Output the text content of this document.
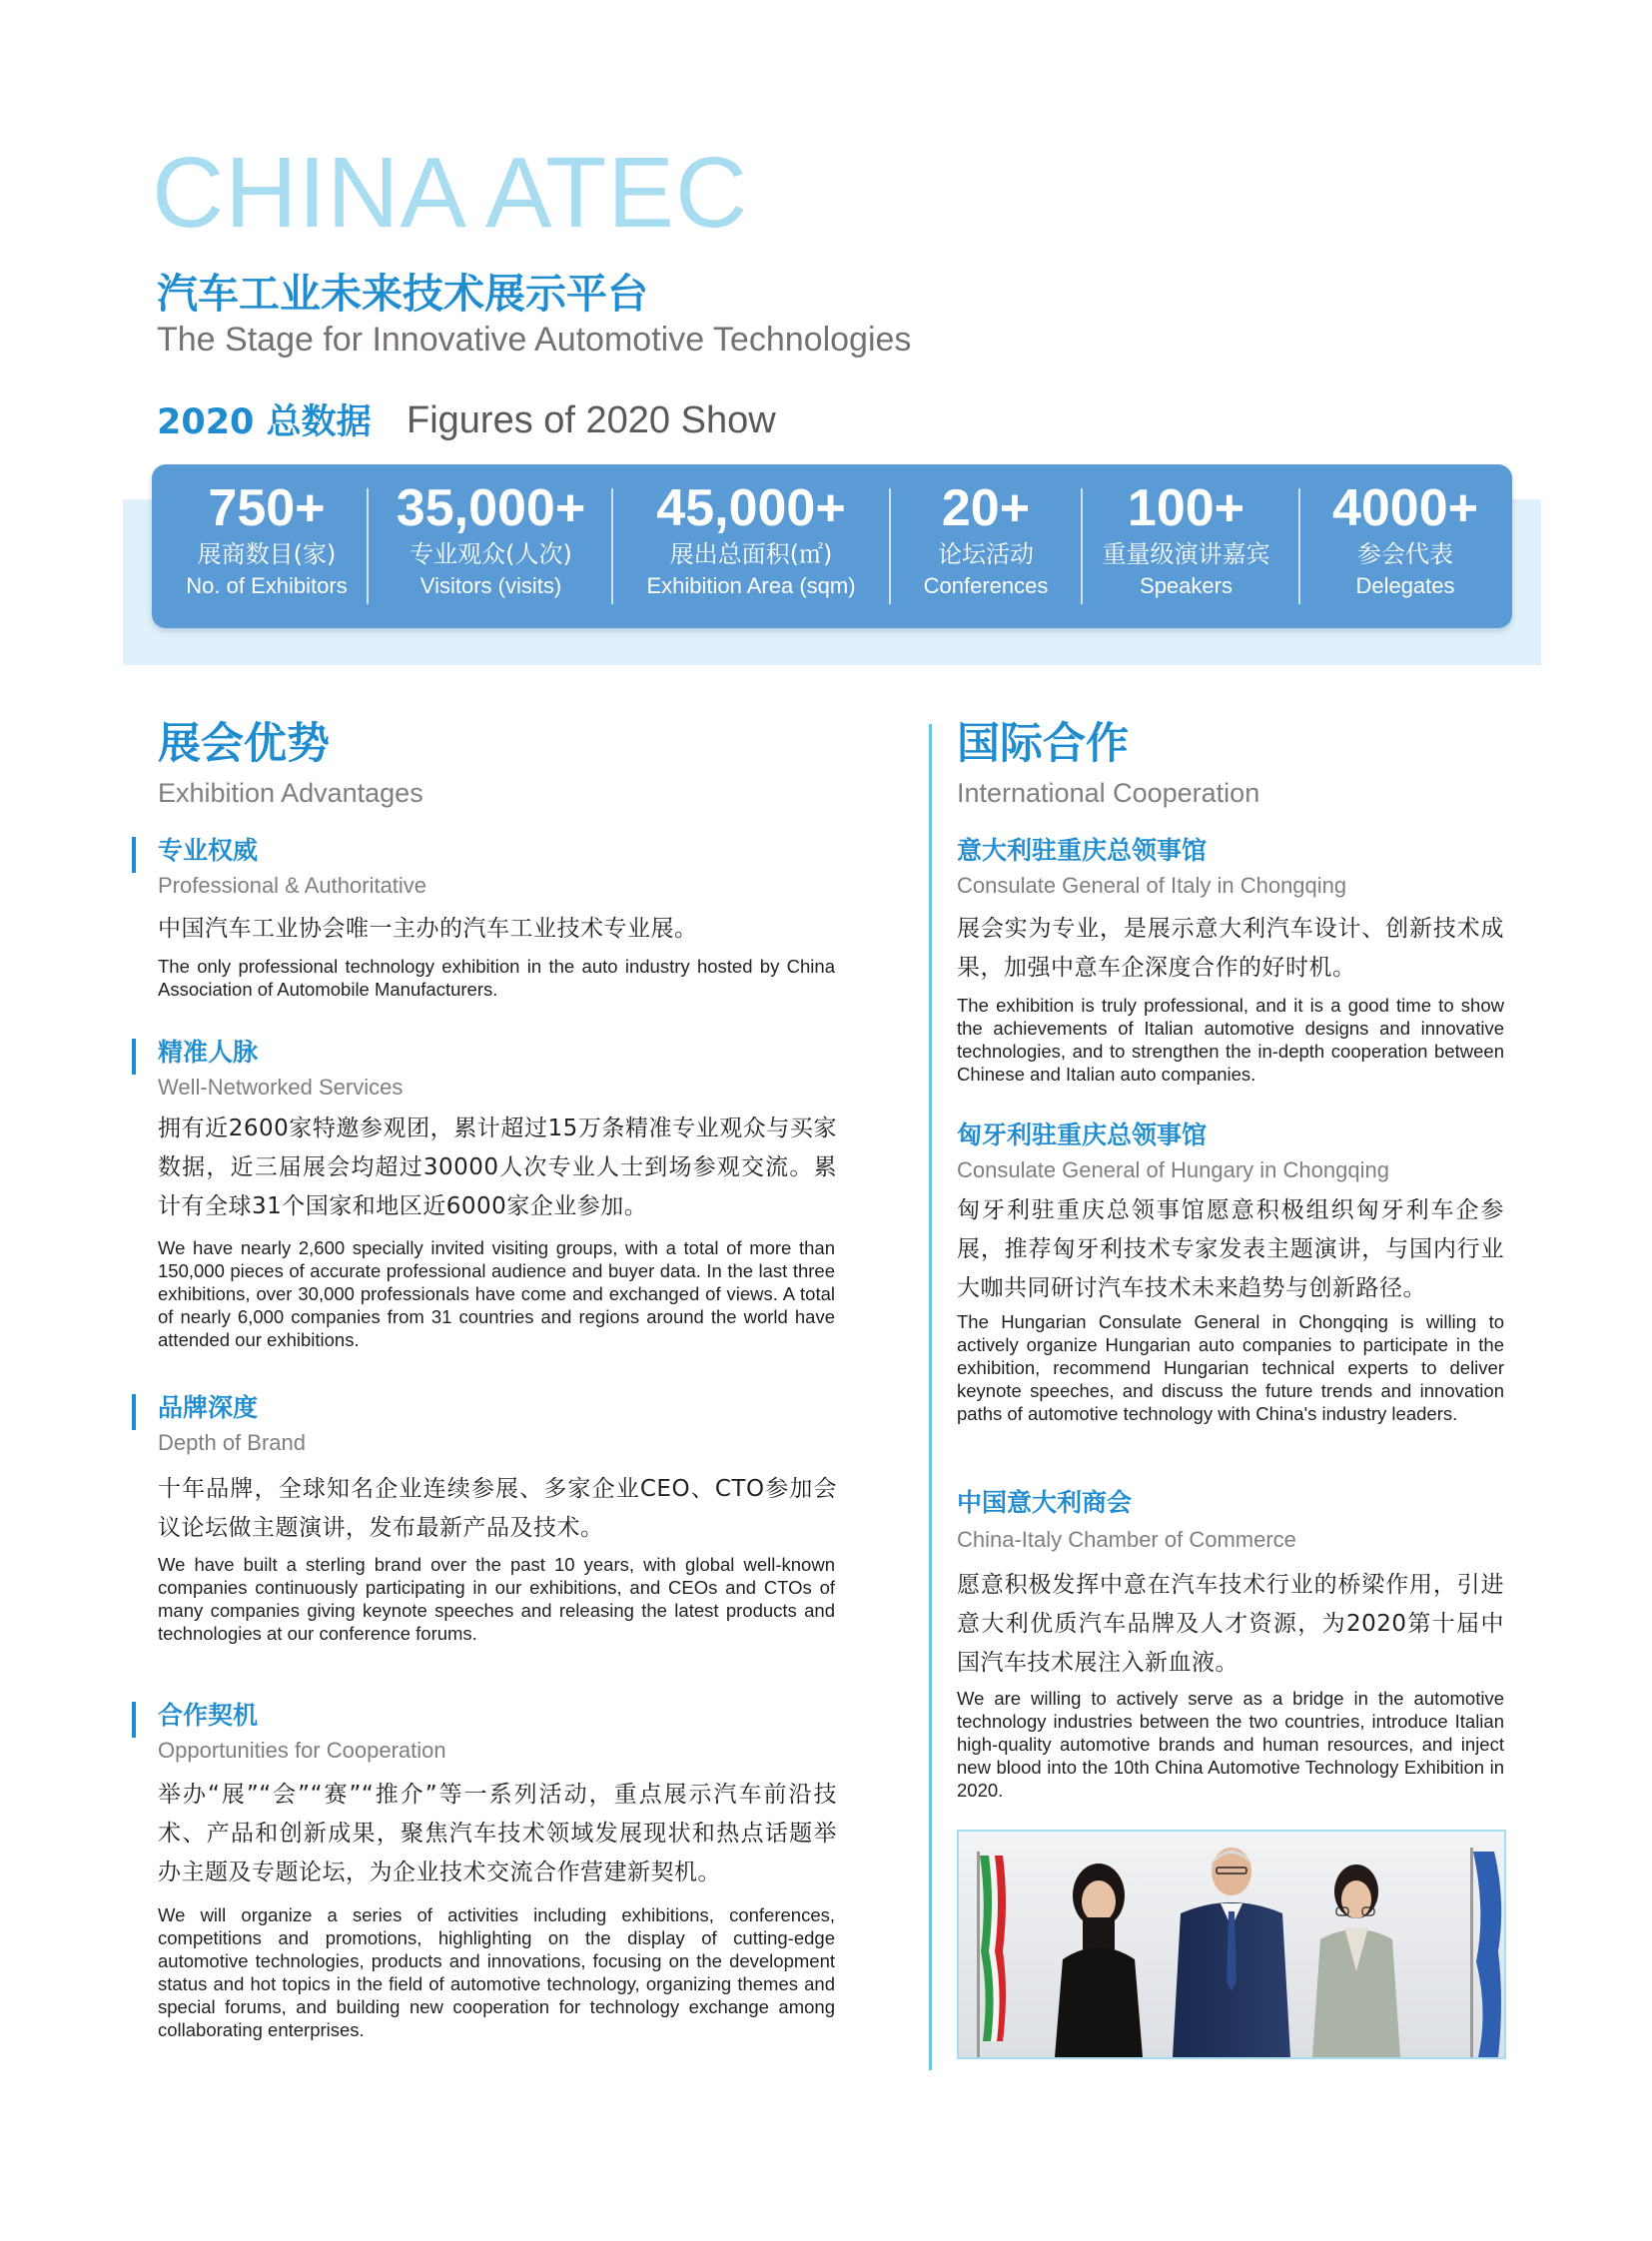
CHINA ATEC
汽车工业未来技术展示平台
The Stage for Innovative Automotive Technologies
2020 总数据 Figures of 2020 Show
750+
展商数目(家)
No. of Exhibitors
35,000+
专业观众(人次)
Visitors (visits)
45,000+
展出总面积(㎡)
Exhibition Area (sqm)
20+
论坛活动
Conferences
100+
重量级演讲嘉宾
Speakers
4000+
参会代表
Delegates
展会优势
Exhibition Advantages
专业权威
Professional & Authoritative
中国汽车工业协会唯一主办的汽车工业技术专业展。
The only professional technology exhibition in the auto industry hosted by China Association of Automobile Manufacturers.
精准人脉
Well-Networked Services
拥有近2600家特邀参观团，累计超过15万条精准专业观众与买家数据，近三届展会均超过30000人次专业人士到场参观交流。累计有全球31个国家和地区近6000家企业参加。
We have nearly 2,600 specially invited visiting groups, with a total of more than 150,000 pieces of accurate professional audience and buyer data. In the last three exhibitions, over 30,000 professionals have come and exchanged of views. A total of nearly 6,000 companies from 31 countries and regions around the world have attended our exhibitions.
品牌深度
Depth of Brand
十年品牌，全球知名企业连续参展、多家企业CEO、CTO参加会议论坛做主题演讲，发布最新产品及技术。
We have built a sterling brand over the past 10 years, with global well-known companies continuously participating in our exhibitions, and CEOs and CTOs of many companies giving keynote speeches and releasing the latest products and technologies at our conference forums.
合作契机
Opportunities for Cooperation
举办“展”“会”“赛”“推介”等一系列活动，重点展示汽车前沿技术、产品和创新成果，聚焦汽车技术领域发展现状和热点话题举办主题及专题论坛，为企业技术交流合作营建新契机。
We will organize a series of activities including exhibitions, conferences, competitions and promotions, highlighting on the display of cutting-edge automotive technologies, products and innovations, focusing on the development status and hot topics in the field of automotive technology, organizing themes and special forums, and building new cooperation for technology exchange among collaborating enterprises.
国际合作
International Cooperation
意大利驻重庆总领事馆
Consulate General of Italy in Chongqing
展会实为专业，是展示意大利汽车设计、创新技术成果，加强中意车企深度合作的好时机。
The exhibition is truly professional, and it is a good time to show the achievements of Italian automotive designs and innovative technologies, and to strengthen the in-depth cooperation between Chinese and Italian auto companies.
匈牙利驻重庆总领事馆
Consulate General of Hungary in Chongqing
匈牙利驻重庆总领事馆愿意积极组织匈牙利车企参展，推荐匈牙利技术专家发表主题演讲，与国内行业大咖共同研讨汽车技术未来趋势与创新路径。
The Hungarian Consulate General in Chongqing is willing to actively organize Hungarian auto companies to participate in the exhibition, recommend Hungarian technical experts to deliver keynote speeches, and discuss the future trends and innovation paths of automotive technology with China's industry leaders.
中国意大利商会
China-Italy Chamber of Commerce
愿意积极发挥中意在汽车技术行业的桥梁作用，引进意大利优质汽车品牌及人才资源，为2020第十届中国汽车技术展注入新血液。
We are willing to actively serve as a bridge in the automotive technology industries between the two countries, introduce Italian high-quality automotive brands and human resources, and inject new blood into the 10th China Automotive Technology Exhibition in 2020.
